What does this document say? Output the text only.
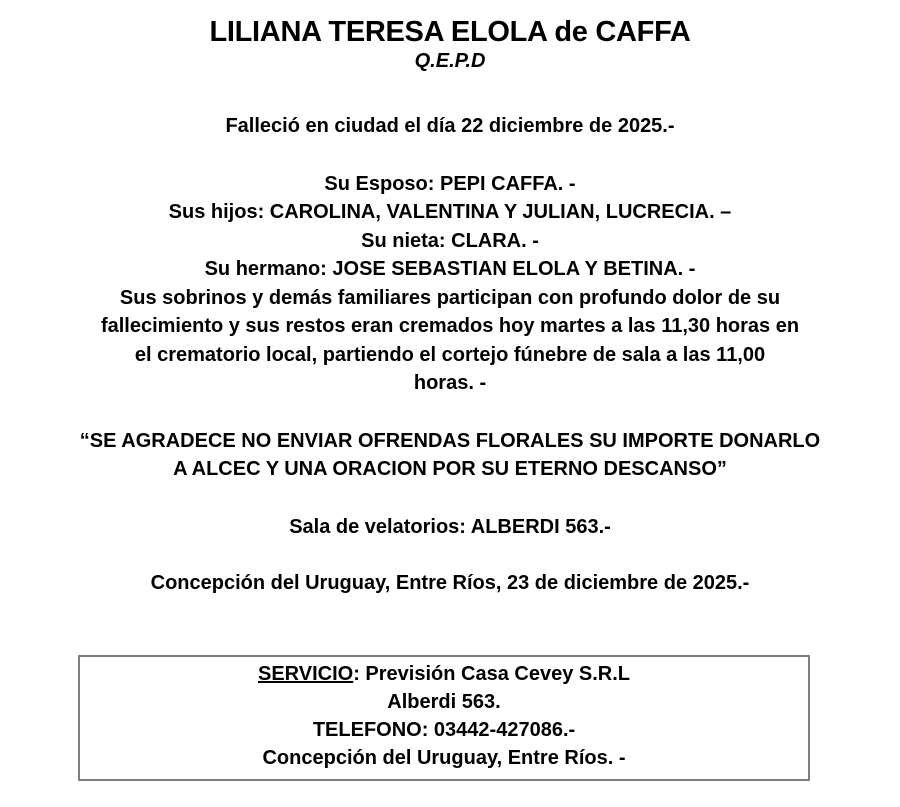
LILIANA TERESA ELOLA de CAFFA
Q.E.P.D
Falleció en ciudad el día 22 diciembre de 2025.-
Su Esposo: PEPI CAFFA. -
Sus hijos: CAROLINA, VALENTINA Y JULIAN, LUCRECIA. –
Su nieta: CLARA. -
Su hermano: JOSE SEBASTIAN ELOLA Y BETINA. -
Sus sobrinos y demás familiares participan con profundo dolor de su
fallecimiento y sus restos eran cremados hoy martes a las 11,30 horas en
el crematorio local, partiendo el cortejo fúnebre de sala a las 11,00
horas. -
“SE AGRADECE NO ENVIAR OFRENDAS FLORALES SU IMPORTE DONARLO
A ALCEC Y UNA ORACION POR SU ETERNO DESCANSO”
Sala de velatorios: ALBERDI 563.-
Concepción del Uruguay, Entre Ríos, 23 de diciembre de 2025.-
SERVICIO: Previsión Casa Cevey S.R.L
Alberdi 563.
TELEFONO: 03442-427086.-
Concepción del Uruguay, Entre Ríos. -
